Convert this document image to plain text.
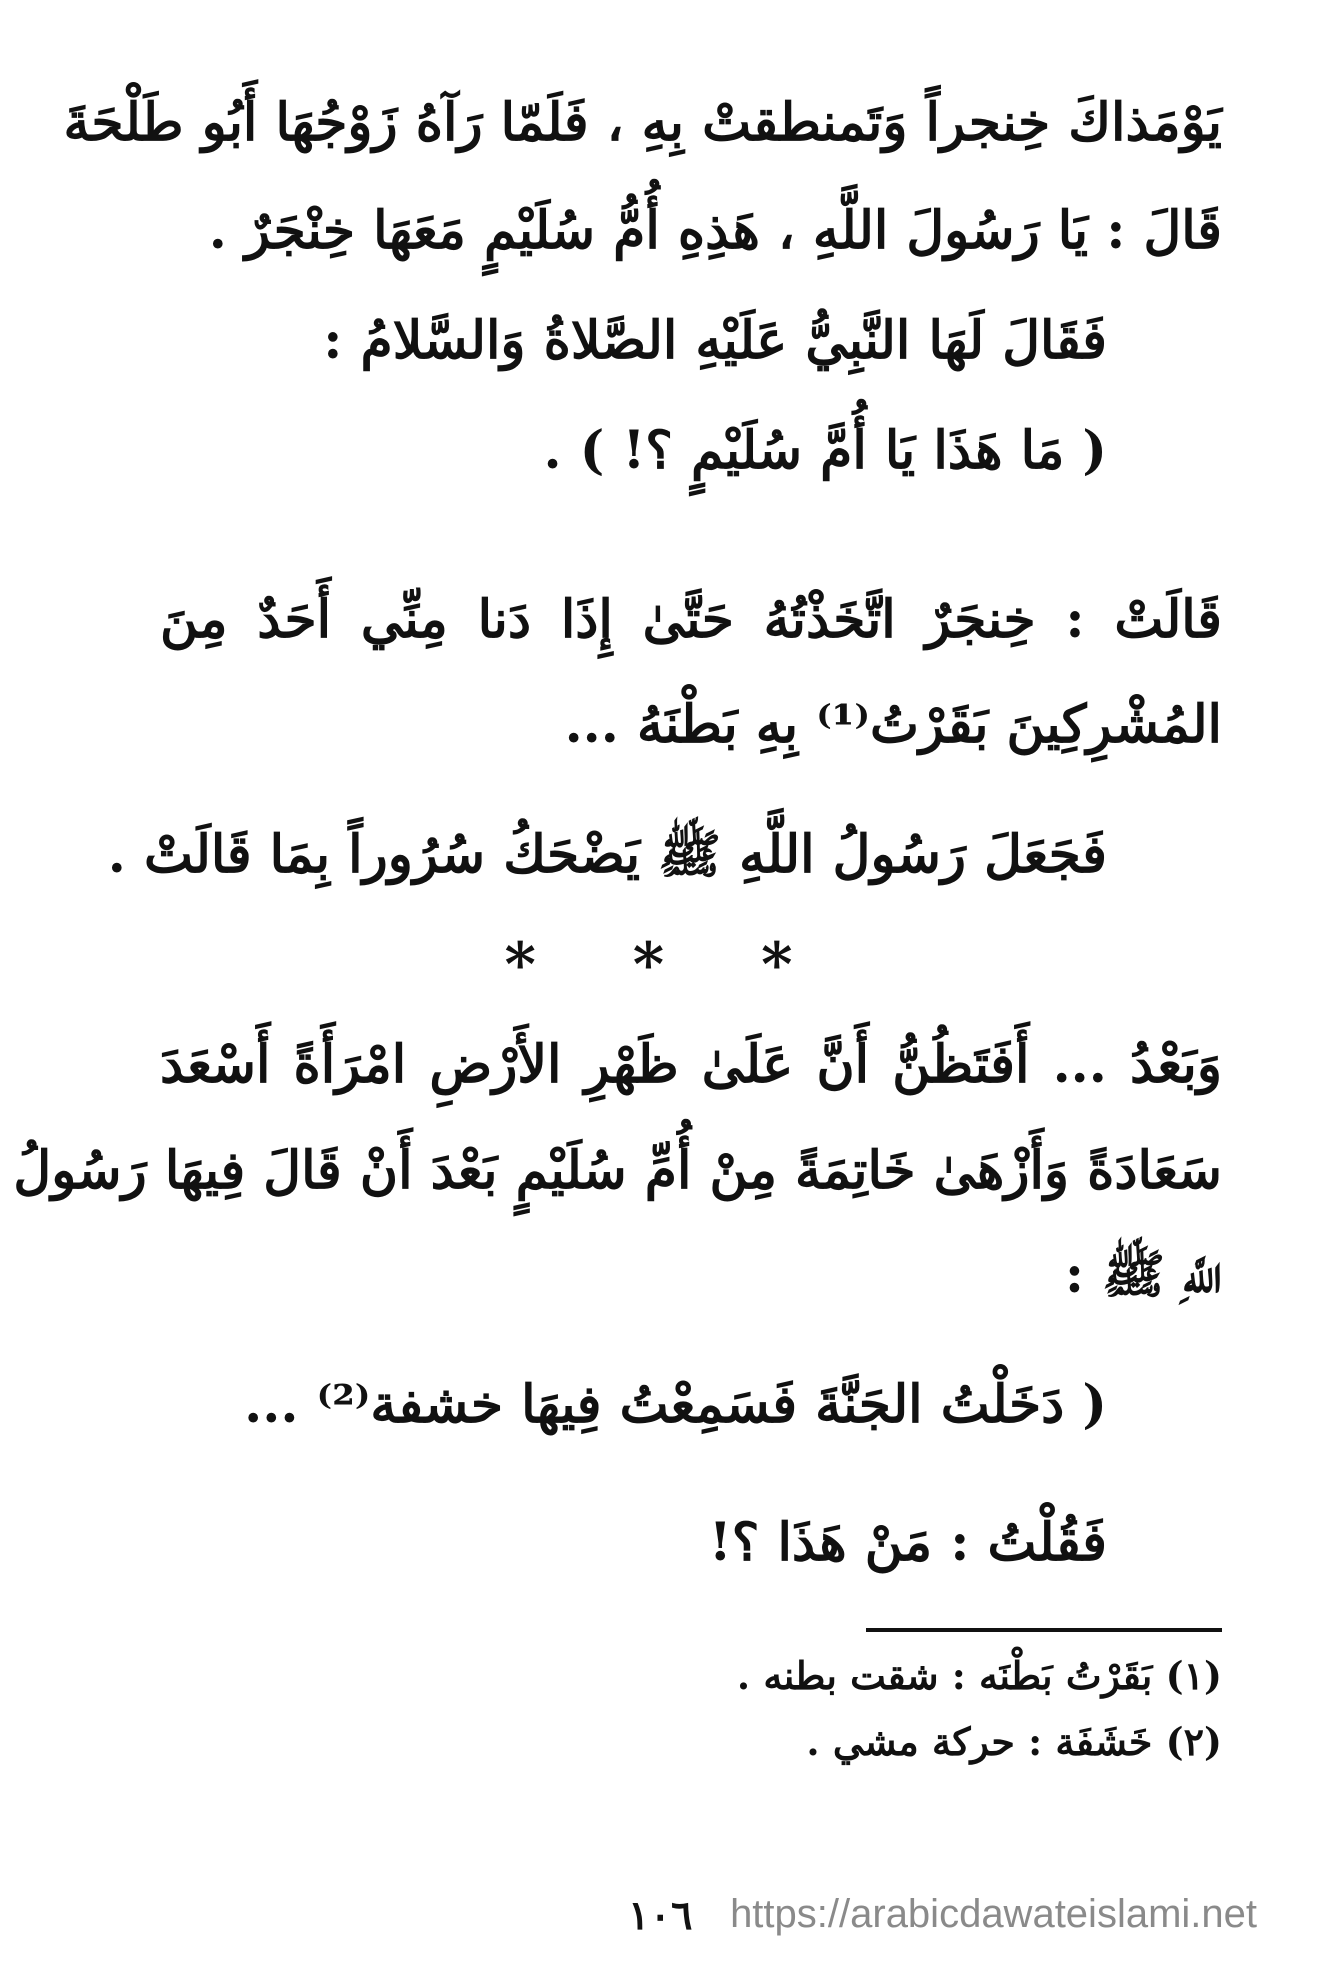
يَوْمَذاكَ خِنجراً وَتَمنطقتْ بِهِ ، فَلَمّا رَآهُ زَوْجُهَا أَبُو طَلْحَةَ
قَالَ : يَا رَسُولَ اللَّهِ ، هَذِهِ أُمُّ سُلَيْمٍ مَعَهَا خِنْجَرٌ .
فَقَالَ لَهَا النَّبِيُّ عَلَيْهِ الصَّلاةُ وَالسَّلامُ :
( مَا هَذَا يَا أُمَّ سُلَيْمٍ ؟! ) .
قَالَتْ : خِنجَرٌ اتَّخَذْتُهُ حَتَّىٰ إِذَا دَنا مِنِّي أَحَدٌ مِنَ
المُشْرِكِينَ بَقَرْتُ⁽¹⁾ بِهِ بَطْنَهُ ...
فَجَعَلَ رَسُولُ اللَّهِ ﷺ يَضْحَكُ سُرُوراً بِمَا قَالَتْ .
* * *
وَبَعْدُ ... أَفَتَظُنُّ أَنَّ عَلَىٰ ظَهْرِ الأَرْضِ امْرَأَةً أَسْعَدَ
سَعَادَةً وَأَزْهَىٰ خَاتِمَةً مِنْ أُمِّ سُلَيْمٍ بَعْدَ أَنْ قَالَ فِيهَا رَسُولُ
اللَّهِ ﷺ :
( دَخَلْتُ الجَنَّةَ فَسَمِعْتُ فِيهَا خشفة⁽²⁾ ...
فَقُلْتُ : مَنْ هَذَا ؟!
(١) بَقَرْتُ بَطْنَه : شقت بطنه .
(٢) خَشَفَة : حركة مشي .
١٠٦ https://arabicdawateislami.net
